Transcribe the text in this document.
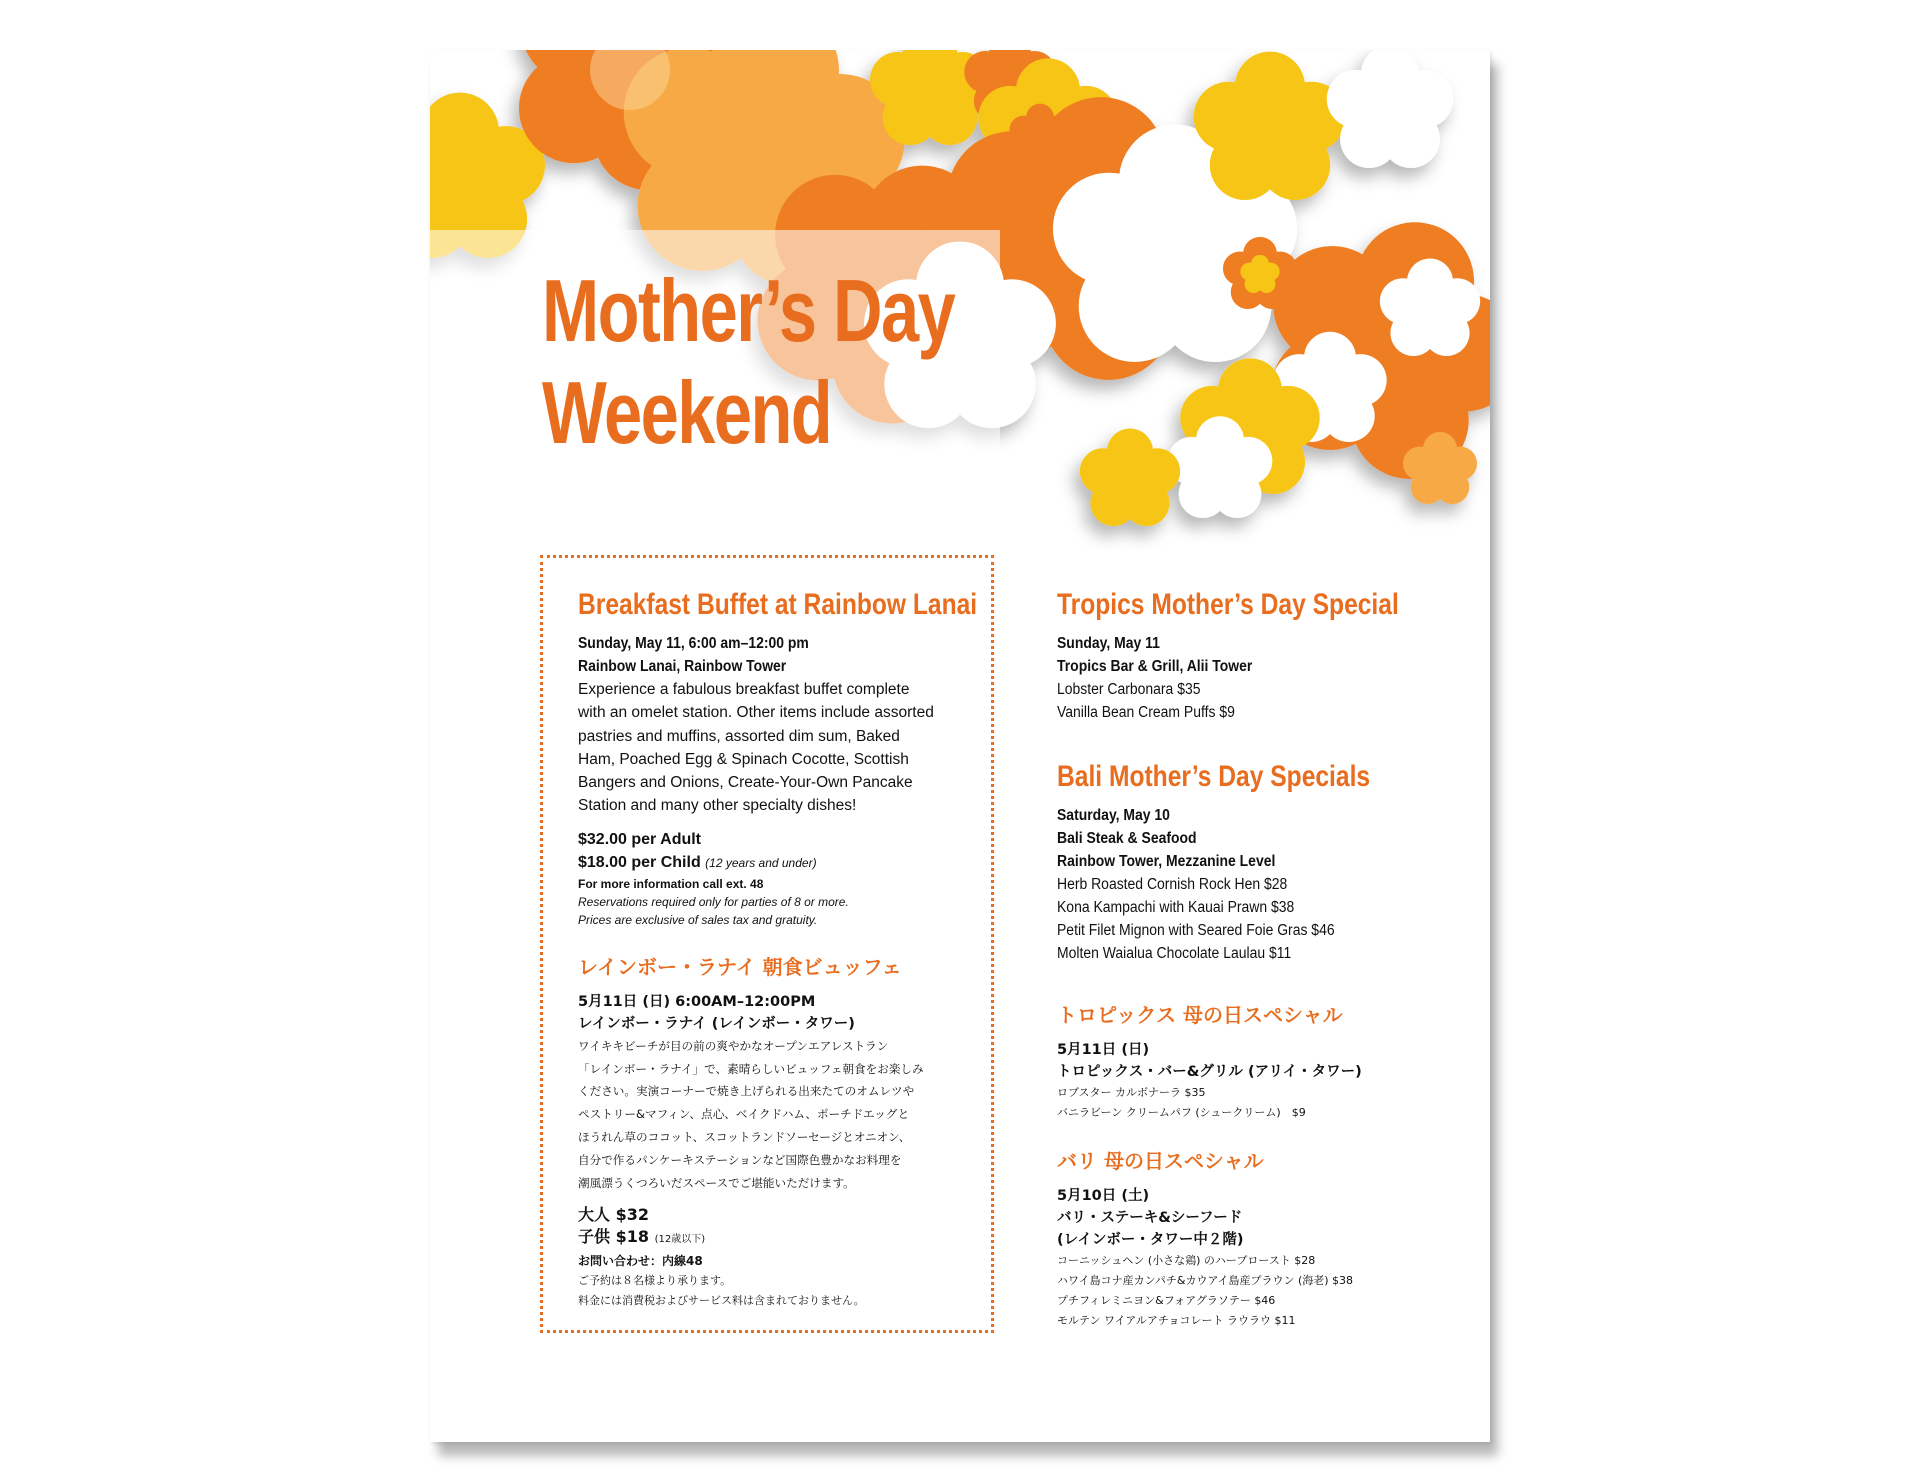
Mother’s Day
Weekend
Breakfast Buffet at Rainbow Lanai
Sunday, May 11, 6:00 am–12:00 pm
Rainbow Lanai, Rainbow Tower
Experience a fabulous breakfast buffet complete with an omelet station. Other items include assorted pastries and muffins, assorted dim sum, Baked Ham, Poached Egg & Spinach Cocotte, Scottish Bangers and Onions, Create-Your-Own Pancake Station and many other specialty dishes!
$32.00 per Adult
$18.00 per Child (12 years and under)
For more information call ext. 48
Reservations required only for parties of 8 or more.
Prices are exclusive of sales tax and gratuity.
レインボー・ラナイ 朝食ビュッフェ
5月11日 (日) 6:00AM–12:00PM
レインボー・ラナイ (レインボー・タワー)
ワイキキビーチが目の前の爽やかなオープンエアレストラン
「レインボー・ラナイ」で、素晴らしいビュッフェ朝食をお楽しみ
ください。実演コーナーで焼き上げられる出来たてのオムレツや
ペストリー&マフィン、点心、ベイクドハム、ポーチドエッグと
ほうれん草のココット、スコットランドソーセージとオニオン、
自分で作るパンケーキステーションなど国際色豊かなお料理を
潮風漂うくつろいだスペースでご堪能いただけます。
大人 $32
子供 $18 (12歳以下)
お問い合わせ：内線48
ご予約は８名様より承ります。
料金には消費税およびサービス料は含まれておりません。
Tropics Mother’s Day Special
Sunday, May 11
Tropics Bar & Grill, Alii Tower
Lobster Carbonara $35
Vanilla Bean Cream Puffs $9
Bali Mother’s Day Specials
Saturday, May 10
Bali Steak & Seafood
Rainbow Tower, Mezzanine Level
Herb Roasted Cornish Rock Hen $28
Kona Kampachi with Kauai Prawn $38
Petit Filet Mignon with Seared Foie Gras $46
Molten Waialua Chocolate Laulau $11
トロピックス 母の日スペシャル
5月11日 (日)
トロピックス・バー&グリル (アリイ・タワー)
ロブスター カルボナーラ $35
バニラビーン クリームパフ (シュークリーム)　$9
バリ 母の日スペシャル
5月10日 (土)
バリ・ステーキ&シーフード
(レインボー・タワー中２階)
コーニッシュヘン (小さな鶏) のハーブロースト $28
ハワイ島コナ産カンパチ&カウアイ島産プラウン (海老) $38
プチフィレミニヨン&フォアグラソテー $46
モルテン ワイアルアチョコレート ラウラウ $11
